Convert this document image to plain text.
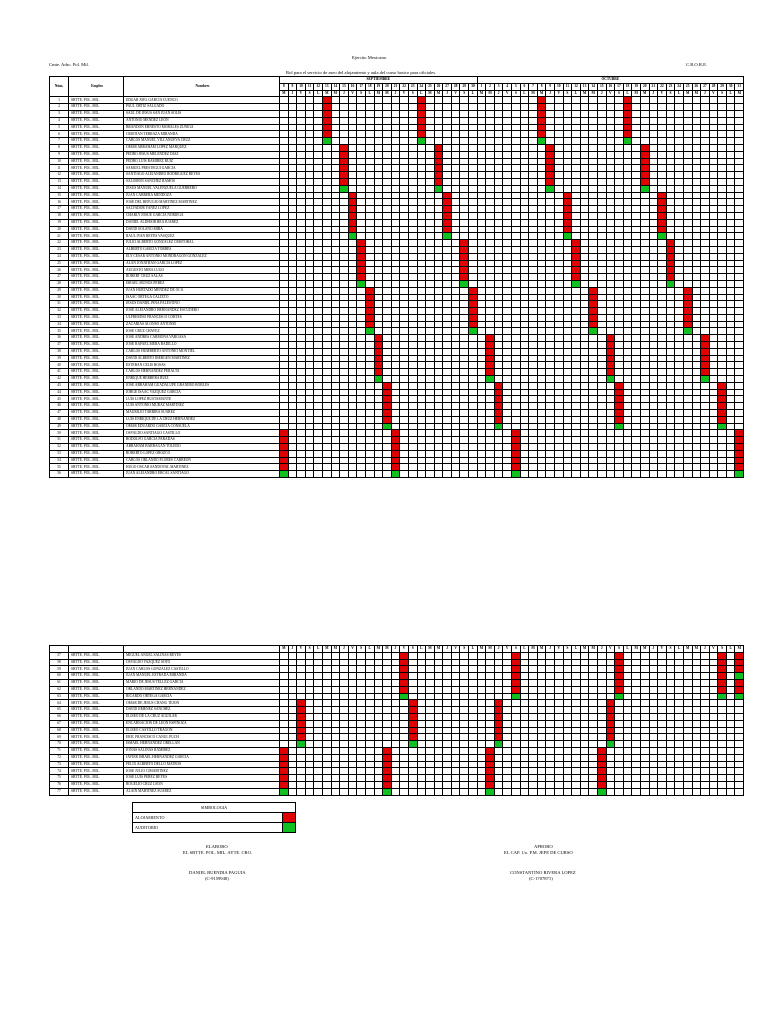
Ejercito Mexicano.
Cmte. Adsc. Pol. Mil.	C.R.O.R.E.
Rol para el servicio de aseo del alojamiento y aula del curso basico para oficiales.
Núm.	Empleo	Nombres	SEPTIEMBRE																							OCTUBRE																														
			8	9	10	11	12	13	14	15	16	17	18	19	20	21	22	23	24	25	26	27	28	29	30	1	2	3	4	5	6	7	8	9	10	11	12	13	14	15	16	17	18	19	20	21	22	23	24	25	26	27	28	29	30	31
			M	J	V	S	L	M	M	J	V	S	L	M	M	J	V	S	L	M	M	J	V	S	L	M	M	J	V	S	L	M	M	J	V	S	L	M	M	J	V	S	L	M	M	J	V	S	L	M	M	J	V	S	L	M
1	SBTTE. POL. MIL.	EDGAR JOEL GARCIA CUENCO																																																						
2	SBTTE. POL. MIL.	PAUL ORTIZ SALGADO																																																						
3	SBTTE. POL. MIL.	SAUL DE JESUS SAN JUAN SOLIS																																																						
4	SBTTE. POL. MIL.	ANTONIO MENDEZ LEON																																																						
5	SBTTE. POL. MIL.	BRANDON ERNESTO MORALES ZUÑIGA																																																						
6	SBTTE. POL. MIL.	CRISTIAN TERRAZA MIRANDA																																																						
7	SBTTE. POL. MIL.	CARLOS MANUEL VILLANUEVA CRUZ																																																						
8	SBTTE. POL. MIL.	OMAR ABRAHAM LOPEZ MARQUEZ																																																						
9	SBTTE. POL. MIL.	PEDRO JESUS MELENDEZ DIAZ																																																						
10	SBTTE. POL. MIL.	PEDRO LUIS RAMIREZ RUIZ																																																						
11	SBTTE. POL. MIL.	SAMUEL PRESTEGUI GARCIA																																																						
12	SBTTE. POL. MIL.	SANTIAGO ALEJANDRO RODRIGUEZ REYES																																																						
13	SBTTE. POL. MIL.	SALOMON SANCHEZ RAMOS																																																						
14	SBTTE. POL. MIL.	JESUS MANUEL VALENZUELA GUERRERO																																																						
15	SBTTE. POL. MIL.	JUAN CABRERA MENDOZA																																																						
16	SBTTE. POL. MIL.	JOSE DEL REFUGIO MARTINEZ MARTINEZ																																																						
17	SBTTE. POL. MIL.	SALVADOR YAÑEZ LOPEZ																																																						
18	SBTTE. POL. MIL.	CHARLY JOSUE GARCIA NORIEGA																																																						
19	SBTTE. POL. MIL.	DANIEL ALDHAIR REA JUAREZ																																																						
20	SBTTE. POL. MIL.	DAVID SOLANO MIRA																																																						
21	SBTTE. POL. MIL.	RAUL IVAN REYES VASQUEZ																																																						
22	SBTTE. POL. MIL.	JULIO ALBERTO GONZALEZ CRISTOBAL																																																						
23	SBTTE. POL. MIL.	ALBERTO GARCIA TORRES																																																						
24	SBTTE. POL. MIL.	ELY CESAR ANTONIO MONDRAGON GONZALEZ																																																						
25	SBTTE. POL. MIL.	ALAN JONATHAN GARCIA LOPEZ																																																						
26	SBTTE. POL. MIL.	AUGUSTO MIRA LUGO																																																						
27	SBTTE. POL. MIL.	ROBERT CRUZ SALAS																																																						
28	SBTTE. POL. MIL.	ISRAEL MUÑOZ PEREZ																																																						
29	SBTTE. POL. MIL.	JUAN HURTADO MENDEZ DE OCA																																																						
30	SBTTE. POL. MIL.	ISAAC ORTEGA CALIXTO																																																						
31	SBTTE. POL. MIL.	JESUS DANIEL PIÑA PALESTINO																																																						
32	SBTTE. POL. MIL.	JOSE ALEJANDRO HERNANDEZ ESCUDERO																																																						
33	SBTTE. POL. MIL.	ULFRERINO FRANCISCO CORTES																																																						
34	SBTTE. POL. MIL.	ZACARIAS ALONSO ANTONIO																																																						
35	SBTTE. POL. MIL.	JOSE CRUZ CHAVEZ																																																						
36	SBTTE. POL. MIL.	JOSE ANDRES CARMONA VARGASA																																																						
37	SBTTE. POL. MIL.	JOSE RAFAEL MERA BADILLO																																																						
38	SBTTE. POL. MIL.	CARLOS HUMBERTO ANTONIO MONTIEL																																																						
39	SBTTE. POL. MIL.	DAVID ALBERTO IBERGEN MARTINEZ																																																						
40	SBTTE. POL. MIL.	ESTEBAN CELIS ROSAS																																																						
41	SBTTE. POL. MIL.	CARLOS HERNANDEZ PERALTA																																																						
42	SBTTE. POL. MIL.	ENRIQUE HERRERA RUIZ																																																						
43	SBTTE. POL. MIL.	JOSE ABRAHAM GUADALUPE GRANERO ROBLES																																																						
44	SBTTE. POL. MIL.	JORGE ISAAC VAZQUEZ GARCIA																																																						
45	SBTTE. POL. MIL.	LUIS LOPEZ BUSTAMANTE																																																						
46	SBTTE. POL. MIL.	LUIS ANTONIO MURAZ MARTINEZ																																																						
47	SBTTE. POL. MIL.	MAURILIO TARRIBA SUAREZ																																																						
48	SBTTE. POL. MIL.	LUIS ENRIQUE DE LA CRUZ HERNANDEZ																																																						
49	SBTTE. POL. MIL.	OMAR EDUARDO GARCIA CONSUELA																																																						
50	SBTTE. POL. MIL.	OSVALDO SANTIAGO CASTILLO																																																						
51	SBTTE. POL. MIL.	RODOLFO GARCIA PARADAS																																																						
52	SBTTE. POL. MIL.	ABRAHAM BARRAGAN TOLEDO																																																						
53	SBTTE. POL. MIL.	ROBERTO LOPEZ OROZCO																																																						
54	SBTTE. POL. MIL.	CARLOS ORLANDO FLORES CARREON																																																						
55	SBTTE. POL. MIL.	HUGO OSCAR SANDOVAL MARTINEZ																																																						
56	SBTTE. POL. MIL.	JUAN ALEJANDRO ERCAL SANTIAGO																																																						
·
			M	J	V	S	L	M	M	J	V	S	L	M	M	J	V	S	L	M	M	J	V	S	L	M	M	J	V	S	L	M	M	J	V	S	L	M	M	J	V	S	L	M	M	J	V	S	L	M	M	J	V	S	L	M
57	SBTTE. POL. MIL.	MIGUEL ANGEL SALINAS REYES																																																						
58	SBTTE. POL. MIL.	OSVALDO VAZQUEZ SOTO																																																						
59	SBTTE. POL. MIL.	JUAN CARLOS GONZALEZ CASTILLO																																																						
60	SBTTE. POL. MIL.	JUAN MANUEL ESTRADA MIRANDA																																																						
61	SBTTE. POL. MIL.	MARIO DE JESUS TELLEZ GARCIA																																																						
62	SBTTE. POL. MIL.	ORLANDO MARTINEZ HERNANDEZ																																																						
63	SBTTE. POL. MIL.	RICARDO ORTEGA GARCIA																																																						
64	SBTTE. POL. MIL.	OMAR DE JESUS CHANG TEJON																																																						
65	SBTTE. POL. MIL.	DAVID JIMENEZ SANCHEZ																																																						
66	SBTTE. POL. MIL.	ELISEO DE LA CRUZ AGUILAR																																																						
67	SBTTE. POL. MIL.	ENCARNACION DE LEON ESPINOZA																																																						
68	SBTTE. POL. MIL.	ELISEO CASTILLO TRAGON																																																						
69	SBTTE. POL. MIL.	ERIC FRANCISCO CANUL PUCH																																																						
70	SBTTE. POL. MIL.	ISMAEL HERNANDEZ ORELLAN																																																						
71	SBTTE. POL. MIL.	JONAS SALINAS RAMIREZ																																																						
72	SBTTE. POL. MIL.	JAVIER ISRAEL HERNANDEZ GARCIA																																																						
73	SBTTE. POL. MIL.	FELIX ALBERTO DELLO MATEOS																																																						
74	SBTTE. POL. MIL.	JOSE JULIO CIMARTINEZ																																																						
75	SBTTE. POL. MIL.	JOSE LUIS PEREZ REYES																																																						
76	SBTTE. POL. MIL.	ROGELIO CRUZ LEON																																																						
77	SBTTE. POL. MIL.	ALAIN MARTINEZ SUAREZ																																																						
SIMBOLOGIA	
ALOJAMIENTO	
AUDITORIO	
ELABORO
EL SBTTE. POL. MIL. AYTE. CRO.
DANIEL BUENDIA PAGUIA
(C-9159948)
APROBO
EL CAP. 1/o. P.M. JEFE DE CURSO
CONSTANTINO RIVERA LOPEZ
(C-1707871)
